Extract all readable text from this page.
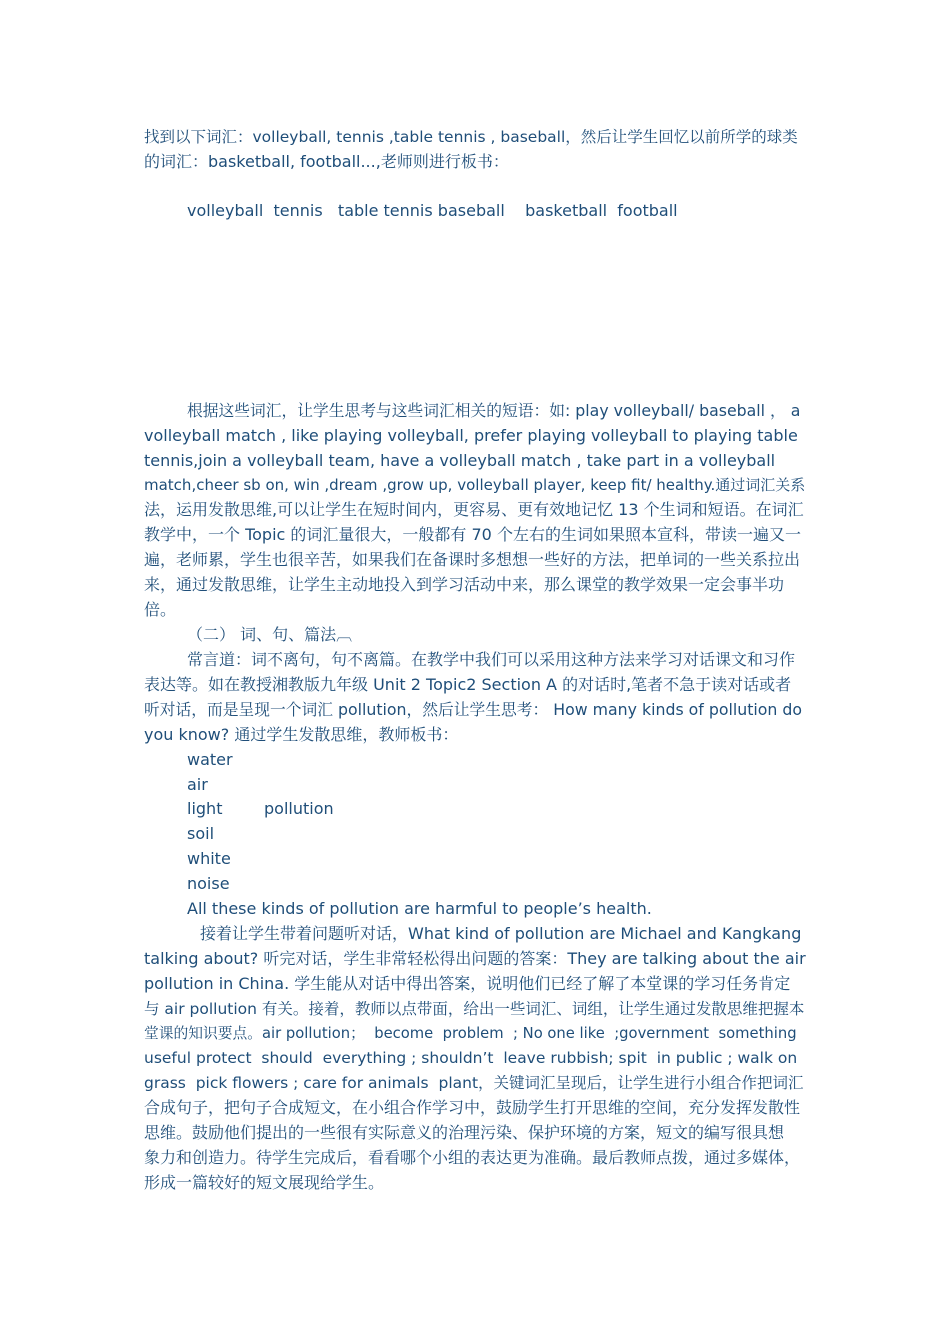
找到以下词汇：volleyball, tennis ,table tennis , baseball，然后让学生回忆以前所学的球类
的词汇：basketball, football...,老师则进行板书：
volleyball  tennis   table tennis baseball    basketball  football
根据这些词汇，让学生思考与这些词汇相关的短语：如: play volleyball/ baseball ， a
volleyball match , like playing volleyball, prefer playing volleyball to playing table
tennis,join a volleyball team, have a volleyball match , take part in a volleyball
match,cheer sb on, win ,dream ,grow up, volleyball player, keep fit/ healthy.通过词汇关系
法，运用发散思维,可以让学生在短时间内，更容易、更有效地记忆 13 个生词和短语。在词汇
教学中，一个 Topic 的词汇量很大，一般都有 70 个左右的生词如果照本宣科，带读一遍又一
遍，老师累，学生也很辛苦，如果我们在备课时多想想一些好的方法，把单词的一些关系拉出
来，通过发散思维，让学生主动地投入到学习活动中来，那么课堂的教学效果一定会事半功
倍。
（二） 词、句、篇法︹
常言道：词不离句，句不离篇。在教学中我们可以采用这种方法来学习对话课文和习作
表达等。如在教授湘教版九年级 Unit 2 Topic2 Section A 的对话时,笔者不急于读对话或者
听对话，而是呈现一个词汇 pollution，然后让学生思考： How many kinds of pollution do
you know? 通过学生发散思维，教师板书：
water
air
light	pollution
soil
white
noise
All these kinds of pollution are harmful to people’s health.
接着让学生带着问题听对话，What kind of pollution are Michael and Kangkang
talking about? 听完对话，学生非常轻松得出问题的答案：They are talking about the air
pollution in China. 学生能从对话中得出答案，说明他们已经了解了本堂课的学习任务肯定
与 air pollution 有关。接着，教师以点带面，给出一些词汇、词组，让学生通过发散思维把握本
堂课的知识要点。air pollution；  become  problem  ; No one like  ;government  something
useful protect  should  everything ; shouldn’t  leave rubbish; spit  in public ; walk on
grass  pick flowers ; care for animals  plant，关键词汇呈现后，让学生进行小组合作把词汇
合成句子，把句子合成短文，在小组合作学习中，鼓励学生打开思维的空间，充分发挥发散性
思维。鼓励他们提出的一些很有实际意义的治理污染、保护环境的方案，短文的编写很具想
象力和创造力。待学生完成后，看看哪个小组的表达更为准确。最后教师点拨，通过多媒体，
形成一篇较好的短文展现给学生。
